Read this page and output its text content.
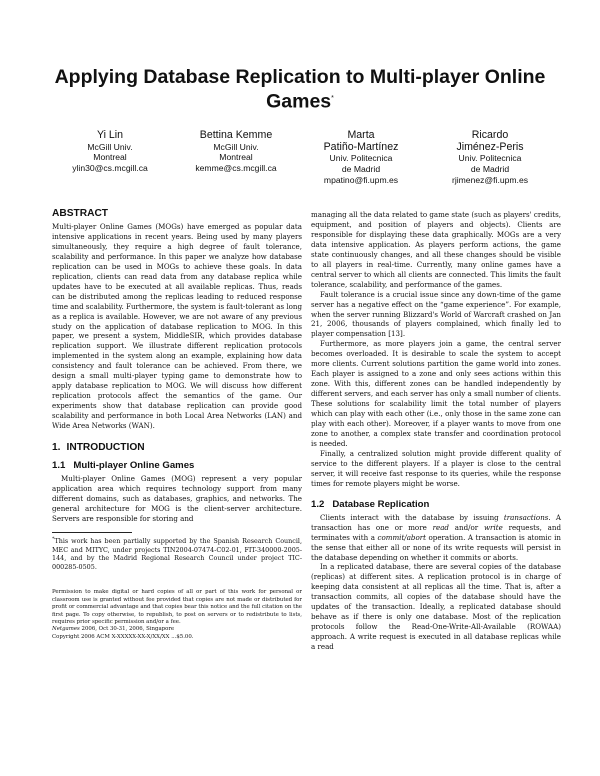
Applying Database Replication to Multi-player Online
Games*
Yi Lin
McGill Univ.
Montreal
ylin30@cs.mcgill.ca
Bettina Kemme
McGill Univ.
Montreal
kemme@cs.mcgill.ca
Marta
Patiño-Martínez
Univ. Politecnica
de Madrid
mpatino@fi.upm.es
Ricardo
Jiménez-Peris
Univ. Politecnica
de Madrid
rjimenez@fi.upm.es
ABSTRACT

Multi-player Online Games (MOGs) have emerged as popular data intensive applications in recent years. Being used by many players simultaneously, they require a high degree of fault tolerance, scalability and performance. In this paper we analyze how database replication can be used in MOGs to achieve these goals. In data replication, clients can read data from any database replica while updates have to be executed at all available replicas. Thus, reads can be distributed among the replicas leading to reduced response time and scalability. Furthermore, the system is fault-tolerant as long as a replica is available. However, we are not aware of any previous study on the application of database replication to MOG. In this paper, we present a system, MiddleSIR, which provides database replication support. We illustrate different replication protocols implemented in the system along an example, explaining how data consistency and fault tolerance can be achieved. From there, we design a small multi-player typing game to demonstrate how to apply database replication to MOG. We will discuss how different replication protocols affect the semantics of the game. Our experiments show that database replication can provide good scalability and performance in both Local Area Networks (LAN) and Wide Area Networks (WAN).

1. INTRODUCTION
1.1 Multi-player Online Games

Multi-player Online Games (MOG) represent a very popular application area which requires technology support from many different domains, such as databases, graphics, and networks. The general architecture for MOG is the client-server architecture. Servers are responsible for storing and

*This work has been partially supported by the Spanish Research Council, MEC and MITYC, under projects TIN2004-07474-C02-01, FIT-340000-2005-144, and by the Madrid Regional Research Council under project TIC-000285-0505.

Permission to make digital or hard copies of all or part of this work for personal or classroom use is granted without fee provided that copies are not made or distributed for profit or commercial advantage and that copies bear this notice and the full citation on the first page. To copy otherwise, to republish, to post on servers or to redistribute to lists, requires prior specific permission and/or a fee.

Netgames 2006, Oct 30-31, 2006, Singapore

Copyright 2006 ACM X-XXXXX-XX-X/XX/XX ...$5.00.

managing all the data related to game state (such as players' credits, equipment, and position of players and objects). Clients are responsible for displaying these data graphically. MOGs are a very data intensive application. As players perform actions, the game state continuously changes, and all these changes should be visible to all players in real-time. Currently, many online games have a central server to which all clients are connected. This limits the fault tolerance, scalability, and performance of the games.

Fault tolerance is a crucial issue since any down-time of the game server has a negative effect on the “game experience”. For example, when the server running Blizzard's World of Warcraft crashed on Jan 21, 2006, thousands of players complained, which finally led to player compensation [13].

Furthermore, as more players join a game, the central server becomes overloaded. It is desirable to scale the system to accept more clients. Current solutions partition the game world into zones. Each player is assigned to a zone and only sees actions within this zone. With this, different zones can be handled independently by different servers, and each server has only a small number of clients. These solutions for scalability limit the total number of players which can play with each other (i.e., only those in the same zone can play with each other). Moreover, if a player wants to move from one zone to another, a complex state transfer and coordination protocol is needed.

Finally, a centralized solution might provide different quality of service to the different players. If a player is close to the central server, it will receive fast response to its queries, while the response times for remote players might be worse.

1.2 Database Replication

Clients interact with the database by issuing transactions. A transaction has one or more read and/or write requests, and terminates with a commit/abort operation. A transaction is atomic in the sense that either all or none of its write requests will persist in the database depending on whether it commits or aborts.

In a replicated database, there are several copies of the database (replicas) at different sites. A replication protocol is in charge of keeping data consistent at all replicas all the time. That is, after a transaction commits, all copies of the database should have the updates of the transaction. Ideally, a replicated database should behave as if there is only one database. Most of the replication protocols follow the Read-One-Write-All-Available (ROWAA) approach. A write request is executed in all database replicas while a read
